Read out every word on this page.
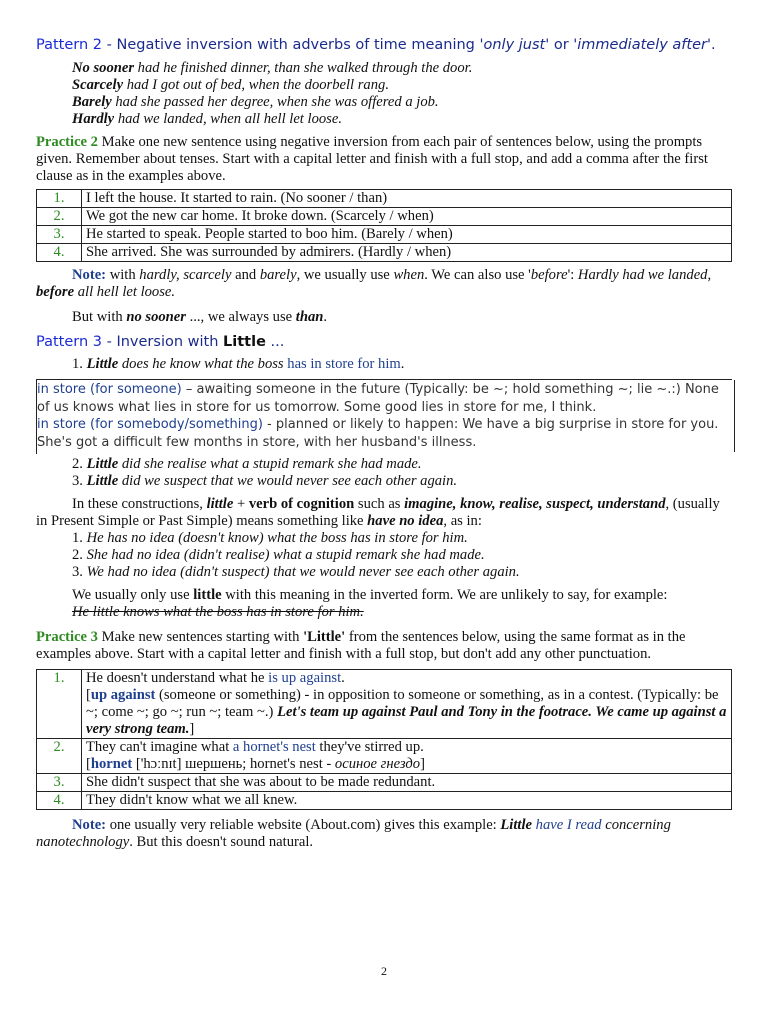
Pattern 2 - Negative inversion with adverbs of time meaning 'only just' or 'immediately after'.

No sooner had he finished dinner, than she walked through the door.
Scarcely had I got out of bed, when the doorbell rang.
Barely had she passed her degree, when she was offered a job.
Hardly had we landed, when all hell let loose.

Practice 2 Make one new sentence using negative inversion from each pair of sentences below, using the prompts given. Remember about tenses. Start with a capital letter and finish with a full stop, and add a comma after the first clause as in the examples above.

1.	I left the house. It started to rain. (No sooner / than)
2.	We got the new car home. It broke down. (Scarcely / when)
3.	He started to speak. People started to boo him. (Barely / when)
4.	She arrived. She was surrounded by admirers. (Hardly / when)

Note: with hardly, scarcely and barely, we usually use when. We can also use 'before': Hardly had we landed, before all hell let loose.

But with no sooner ..., we always use than.

Pattern 3 - Inversion with Little ...

1. Little does he know what the boss has in store for him.
in store (for someone) – awaiting someone in the future (Typically: be ~; hold something ~; lie ~.:) None of us knows what lies in store for us tomorrow. Some good lies in store for me, I think.
in store (for somebody/something) - planned or likely to happen: We have a big surprise in store for you. She's got a difficult few months in store, with her husband's illness.
2. Little did she realise what a stupid remark she had made.
3. Little did we suspect that we would never see each other again.

In these constructions, little + verb of cognition such as imagine, know, realise, suspect, understand, (usually in Present Simple or Past Simple) means something like have no idea, as in:

1. He has no idea (doesn't know) what the boss has in store for him.
2. She had no idea (didn't realise) what a stupid remark she had made.
3. We had no idea (didn't suspect) that we would never see each other again.

We usually only use little with this meaning in the inverted form. We are unlikely to say, for example:

He little knows what the boss has in store for him.

Practice 3 Make new sentences starting with 'Little' from the sentences below, using the same format as in the examples above. Start with a capital letter and finish with a full stop, but don't add any other punctuation.

1.	He doesn't understand what he is up against.
[up against (someone or something) - in opposition to someone or something, as in a contest. (Typically: be ~; come ~; go ~; run ~; team ~.) Let's team up against Paul and Tony in the footrace. We came up against a very strong team.]

2.	They can't imagine what a hornet's nest they've stirred up.
[hornet ['hɔːnɪt] шершень; hornet's nest - осиное гнездо]

3.	She didn't suspect that she was about to be made redundant.
4.	They didn't know what we all knew.

Note: one usually very reliable website (About.com) gives this example: Little have I read concerning nanotechnology. But this doesn't sound natural.

2
